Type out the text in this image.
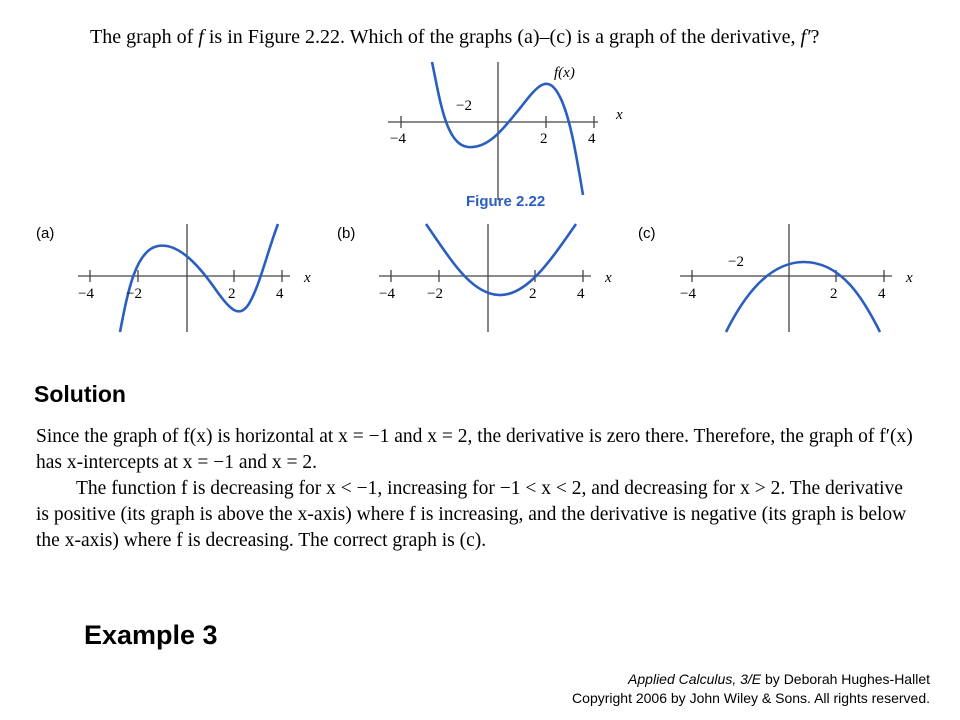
The graph of f is in Figure 2.22. Which of the graphs (a)–(c) is a graph of the derivative, f′?
f(x)
x
−4	2	4
−2
Figure 2.22
(a)
x
−4 −2	2	4
(b)
x
−4 −2	2	4
(c)
x
−4	2	4
−2
Solution

Since the graph of f(x) is horizontal at x = −1 and x = 2, the derivative is zero there. Therefore, the graph of f′(x) has x-intercepts at x = −1 and x = 2.

The function f is decreasing for x < −1, increasing for −1 < x < 2, and decreasing for x > 2. The derivative is positive (its graph is above the x-axis) where f is increasing, and the derivative is negative (its graph is below the x-axis) where f is decreasing. The correct graph is (c).

Example 3
Applied Calculus, 3/E by Deborah Hughes-Hallet
Copyright 2006 by John Wiley & Sons. All rights reserved.
